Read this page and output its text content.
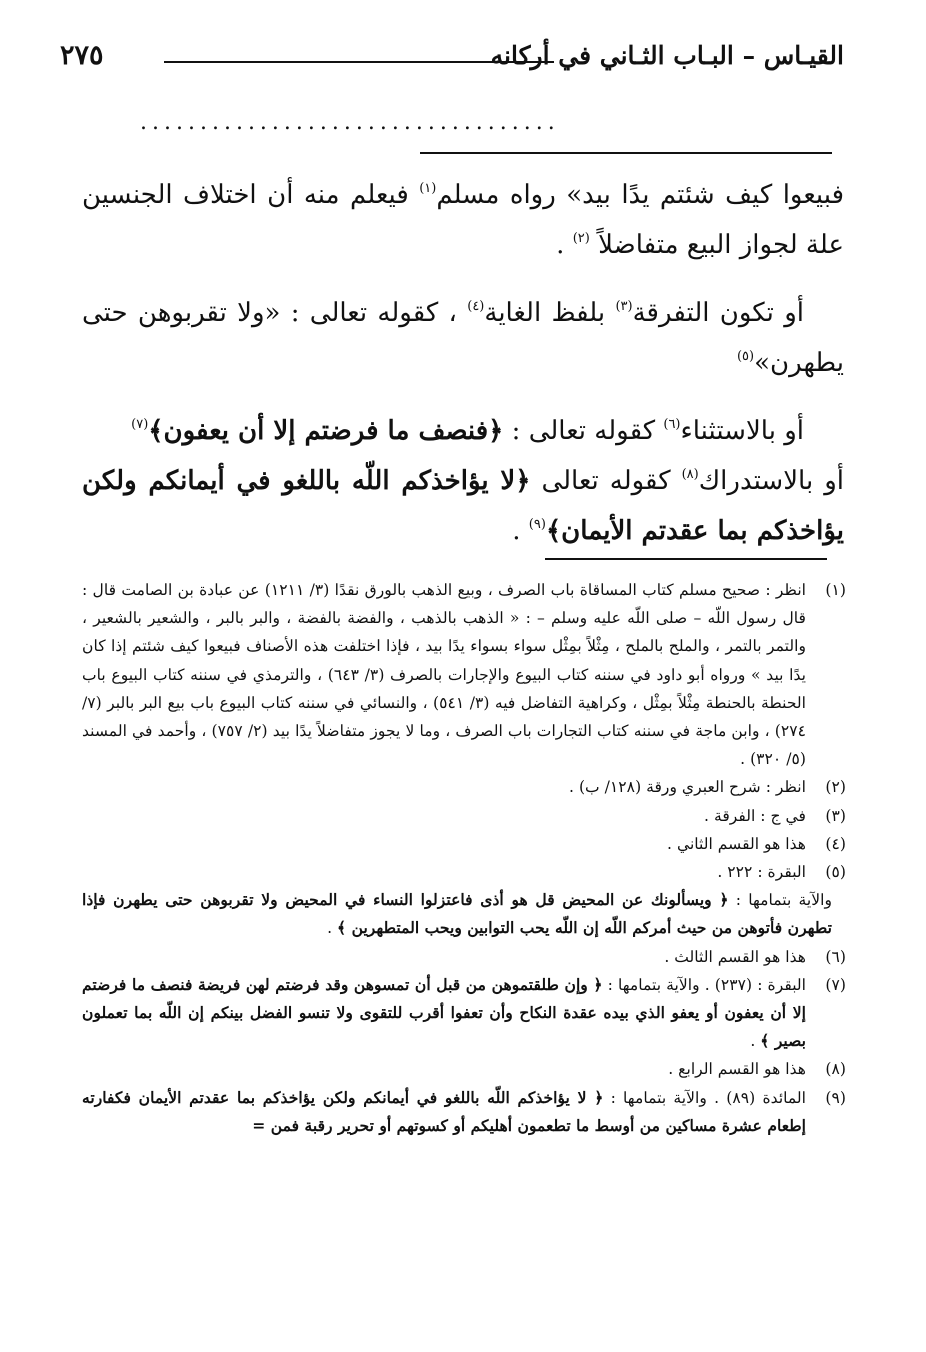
٢٧٥	القيـاس – البـاب الثـاني في أركانه
...................................

فبيعوا كيف شئتم يدًا بيد» رواه مسلم$^{(١)}$ فيعلم منه أن اختلاف الجنسين علة لجواز البيع متفاضلاً $^{(٢)}$ .

أو تكون التفرقة$^{(٣)}$ بلفظ الغاية$^{(٤)}$ ، كقوله تعالى : «ولا تقربوهن حتى يطهرن»$^{(٥)}$

أو بالاستثناء$^{(٦)}$ كقوله تعالى : ﴿فنصف ما فرضتم إلا أن يعفون﴾$^{(٧)}$

أو بالاستدراك$^{(٨)}$ كقوله تعالى ﴿لا يؤاخذكم اللّه باللغو في أيمانكم ولكن يؤاخذكم بما عقدتم الأيمان﴾$^{(٩)}$ .

(١)
انظر : صحيح مسلم كتاب المساقاة باب الصرف ، وبيع الذهب بالورق نقدًا (٣/ ١٢١١) عن عبادة بن الصامت قال : قال رسول اللّه – صلى اللّه عليه وسلم – : « الذهب بالذهب ، والفضة بالفضة ، والبر بالبر ، والشعير بالشعير ، والتمر بالتمر ، والملح بالملح ، مِثْلاً بمِثْل سواء بسواء يدًا بيد ، فإذا اختلفت هذه الأصناف فبيعوا كيف شئتم إذا كان يدًا بيد » ورواه أبو داود في سننه كتاب البيوع والإجارات بالصرف (٣/ ٦٤٣) ، والترمذي في سننه كتاب البيوع باب الحنطة بالحنطة مِثْلاً بمِثْل ، وكراهية التفاضل فيه (٣/ ٥٤١) ، والنسائي في سننه كتاب البيوع باب بيع البر بالبر (٧/ ٢٧٤) ، وابن ماجة في سننه كتاب التجارات باب الصرف ، وما لا يجوز متفاضلاً يدًا بيد (٢/ ٧٥٧) ، وأحمد في المسند (٥/ ٣٢٠) .

(٢)
انظر : شرح العبري ورقة (١٢٨/ ب) .

(٣)
في ج : الفرقة .

(٤)
هذا هو القسم الثاني .

(٥)
البقرة : ٢٢٢ .

والآية بتمامها : ﴿ ويسألونك عن المحيض قل هو أذى فاعتزلوا النساء في المحيض ولا تقربوهن حتى يطهرن فإذا تطهرن فأتوهن من حيث أمركم اللّه إن اللّه يحب التوابين ويحب المتطهرين ﴾ .

(٦)
هذا هو القسم الثالث .

(٧)
البقرة : (٢٣٧) . والآية بتمامها : ﴿ وإن طلقتموهن من قبل أن تمسوهن وقد فرضتم لهن فريضة فنصف ما فرضتم إلا أن يعفون أو يعفو الذي بيده عقدة النكاح وأن تعفوا أقرب للتقوى ولا تنسو الفضل بينكم إن اللّه بما تعملون بصير ﴾ .

(٨)
هذا هو القسم الرابع .

(٩)
المائدة (٨٩) . والآية بتمامها : ﴿ لا يؤاخذكم اللّه باللغو في أيمانكم ولكن يؤاخذكم بما عقدتم الأيمان فكفارته إطعام عشرة مساكين من أوسط ما تطعمون أهليكم أو كسوتهم أو تحرير رقبة فمن =
